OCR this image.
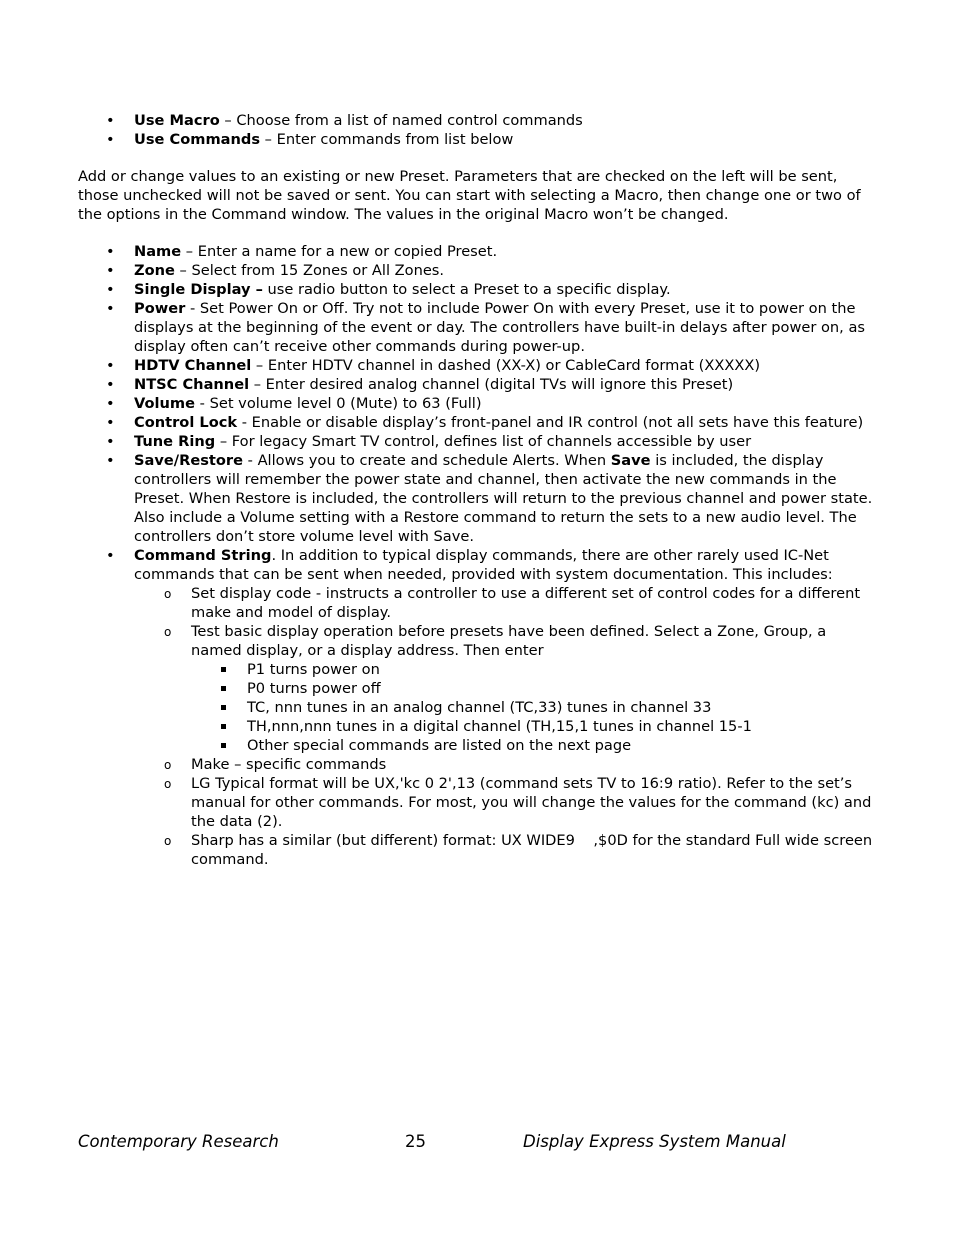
• Use Macro – Choose from a list of named control commands
• Use Commands – Enter commands from list below

Add or change values to an existing or new Preset. Parameters that are checked on the left will be sent, those unchecked will not be saved or sent. You can start with selecting a Macro, then change one or two of the options in the Command window. The values in the original Macro won’t be changed.

• Name – Enter a name for a new or copied Preset.
• Zone – Select from 15 Zones or All Zones.
• Single Display – use radio button to select a Preset to a specific display.
• Power - Set Power On or Off. Try not to include Power On with every Preset, use it to power on the displays at the beginning of the event or day. The controllers have built-in delays after power on, as display often can’t receive other commands during power-up.
• HDTV Channel – Enter HDTV channel in dashed (XX-X) or CableCard format (XXXXX)
• NTSC Channel – Enter desired analog channel (digital TVs will ignore this Preset)
• Volume - Set volume level 0 (Mute) to 63 (Full)
• Control Lock - Enable or disable display’s front-panel and IR control (not all sets have this feature)
• Tune Ring – For legacy Smart TV control, defines list of channels accessible by user
• Save/Restore - Allows you to create and schedule Alerts. When Save is included, the display controllers will remember the power state and channel, then activate the new commands in the Preset. When Restore is included, the controllers will return to the previous channel and power state. Also include a Volume setting with a Restore command to return the sets to a new audio level. The controllers don’t store volume level with Save.
• Command String. In addition to typical display commands, there are other rarely used IC-Net commands that can be sent when needed, provided with system documentation. This includes:
o Set display code - instructs a controller to use a different set of control codes for a different make and model of display.
o Test basic display operation before presets have been defined. Select a Zone, Group, a named display, or a display address. Then enter
P1 turns power on
P0 turns power off
TC, nnn tunes in an analog channel (TC,33) tunes in channel 33
TH,nnn,nnn tunes in a digital channel (TH,15,1 tunes in channel 15-1
Other special commands are listed on the next page
o Make – specific commands
o LG Typical format will be UX,'kc 0 2',13 (command sets TV to 16:9 ratio). Refer to the set’s manual for other commands. For most, you will change the values for the command (kc) and the data (2).
o Sharp has a similar (but different) format: UX WIDE9    ,$0D for the standard Full wide screen command.
Contemporary Research	25	Display Express System Manual
